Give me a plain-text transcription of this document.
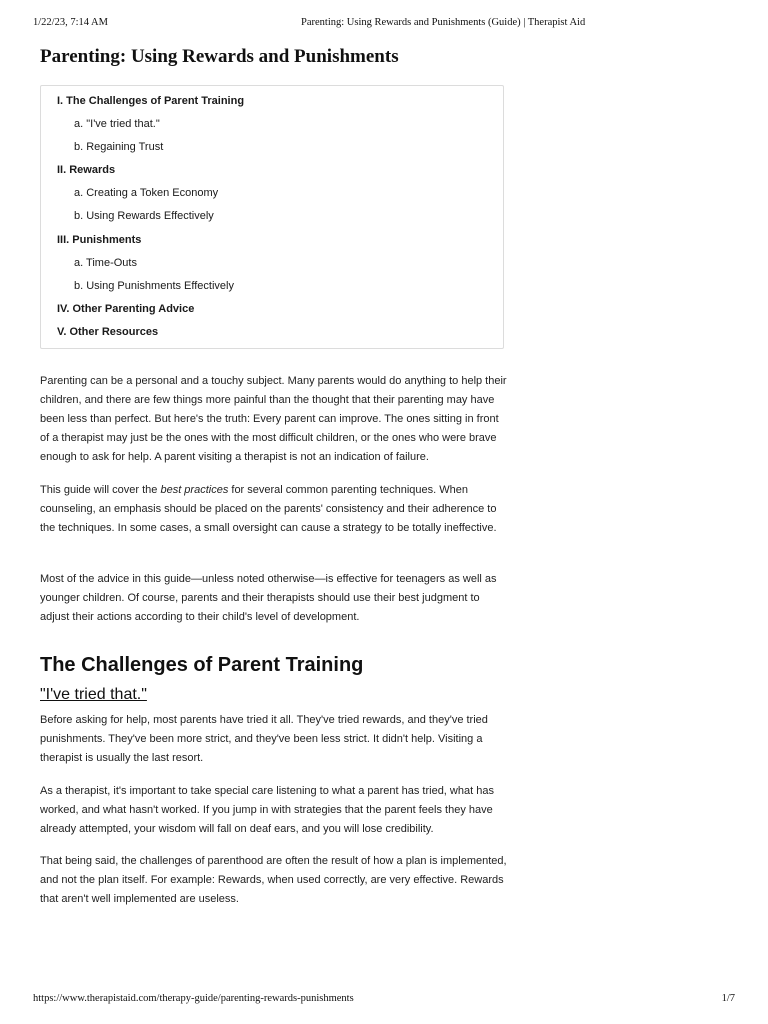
1/22/23, 7:14 AM	Parenting: Using Rewards and Punishments (Guide) | Therapist Aid
Parenting: Using Rewards and Punishments
I. The Challenges of Parent Training
a. "I've tried that."
b. Regaining Trust
II. Rewards
a. Creating a Token Economy
b. Using Rewards Effectively
III. Punishments
a. Time-Outs
b. Using Punishments Effectively
IV. Other Parenting Advice
V. Other Resources

Parenting can be a personal and a touchy subject. Many parents would do anything to help their children, and there are few things more painful than the thought that their parenting may have been less than perfect. But here's the truth: Every parent can improve. The ones sitting in front of a therapist may just be the ones with the most difficult children, or the ones who were brave enough to ask for help. A parent visiting a therapist is not an indication of failure.

This guide will cover the best practices for several common parenting techniques. When counseling, an emphasis should be placed on the parents' consistency and their adherence to the techniques. In some cases, a small oversight can cause a strategy to be totally ineffective.

Most of the advice in this guide—unless noted otherwise—is effective for teenagers as well as younger children. Of course, parents and their therapists should use their best judgment to adjust their actions according to their child's level of development.

The Challenges of Parent Training
"I've tried that."

Before asking for help, most parents have tried it all. They've tried rewards, and they've tried punishments. They've been more strict, and they've been less strict. It didn't help. Visiting a therapist is usually the last resort.

As a therapist, it's important to take special care listening to what a parent has tried, what has worked, and what hasn't worked. If you jump in with strategies that the parent feels they have already attempted, your wisdom will fall on deaf ears, and you will lose credibility.

That being said, the challenges of parenthood are often the result of how a plan is implemented, and not the plan itself. For example: Rewards, when used correctly, are very effective. Rewards that aren't well implemented are useless.

https://www.therapistaid.com/therapy-guide/parenting-rewards-punishments	1/7
